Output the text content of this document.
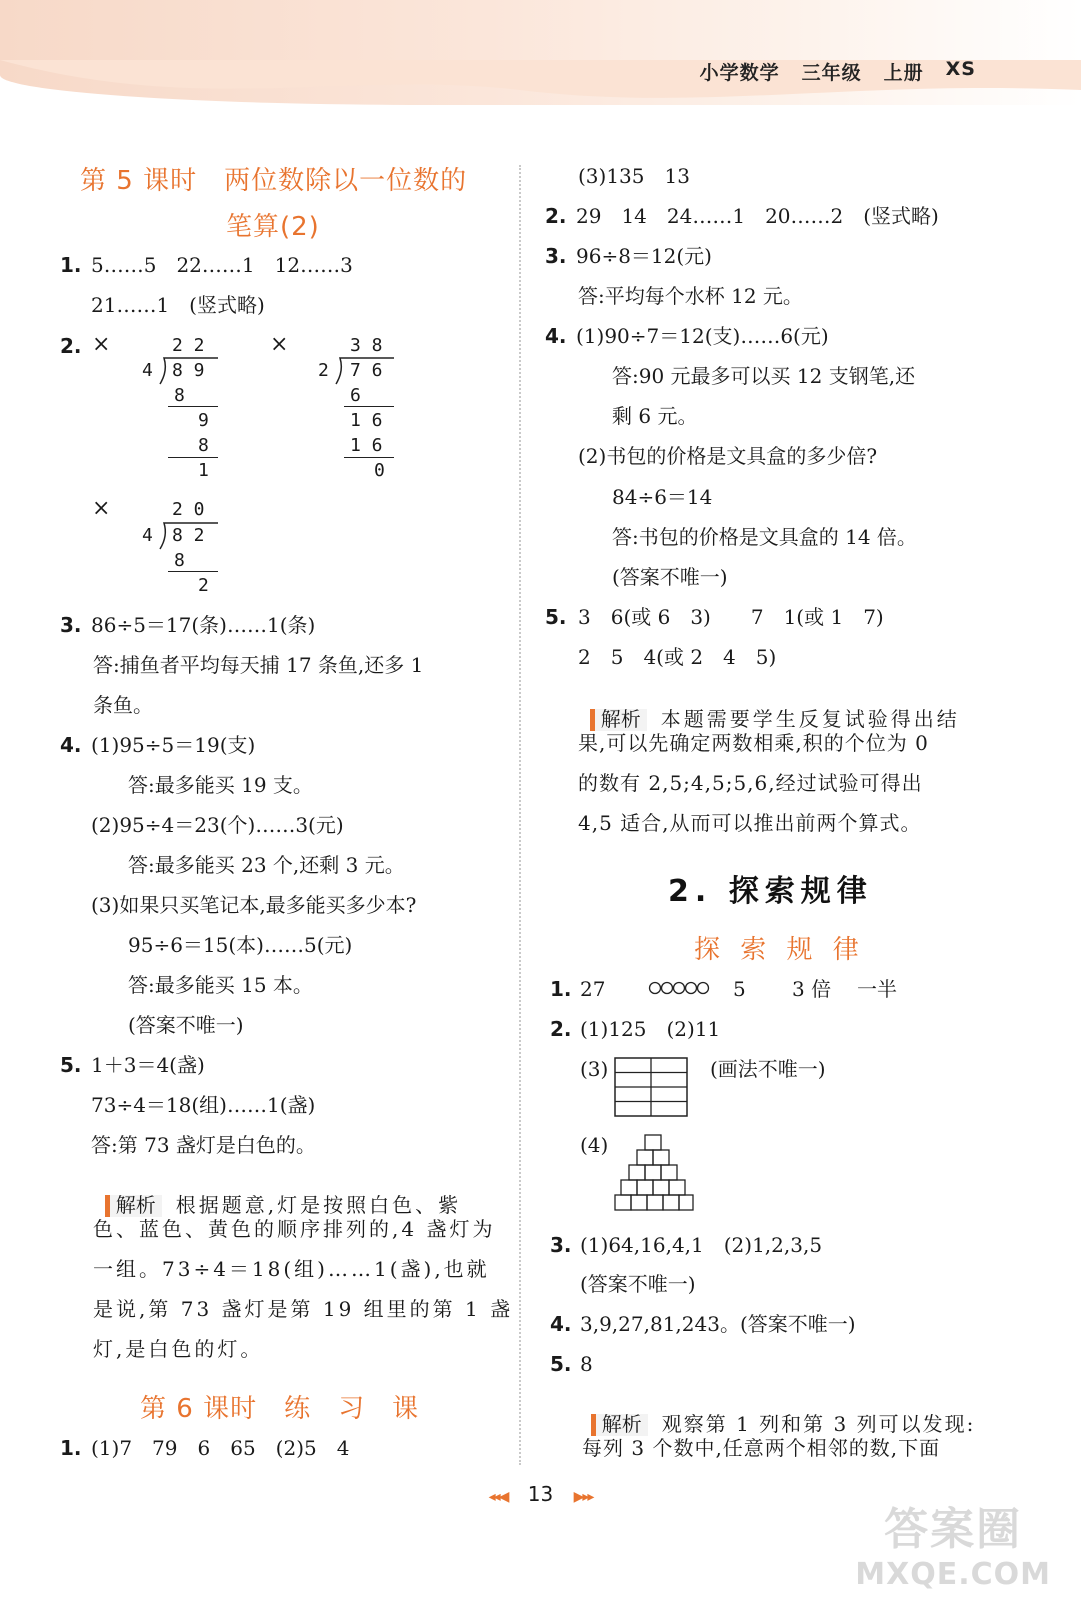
小学数学 三年级 上册 XS
第 5 课时　两位数除以一位数的
笔算(2)
1. 5……5　22……1　12……3
21……1　(竖式略)
2. ×	×
×
2 2
4 8 9
8
9
8
1
3 8
2 7 6
6
1 6
1 6
0
2 0
4 8 2
8
2
3. 86÷5＝17(条)……1(条)
答:捕鱼者平均每天捕 17 条鱼,还多 1
条鱼。
4. (1)95÷5＝19(支)
答:最多能买 19 支。
(2)95÷4＝23(个)……3(元)
答:最多能买 23 个,还剩 3 元。
(3)如果只买笔记本,最多能买多少本?
95÷6＝15(本)……5(元)
答:最多能买 15 本。
(答案不唯一)
5. 1＋3＝4(盏)
73÷4＝18(组)……1(盏)
答:第 73 盏灯是白色的。

解析 根据题意,灯是按照白色、紫

色、蓝色、黄色的顺序排列的,4 盏灯为
一组。73÷4＝18(组)……1(盏),也就
是说,第 73 盏灯是第 19 组里的第 1 盏
灯,是白色的灯。
第 6 课时　练　习　课
1. (1)7　79　6　65　(2)5　4
(3)135　13
2. 29　14　24……1　20……2　(竖式略)
3. 96÷8＝12(元)
答:平均每个水杯 12 元。
4. (1)90÷7＝12(支)……6(元)
答:90 元最多可以买 12 支钢笔,还
剩 6 元。
(2)书包的价格是文具盒的多少倍?
84÷6＝14
答:书包的价格是文具盒的 14 倍。
(答案不唯一)
5. 3　6(或 6　3)　　7　1(或 1　7)
2　5　4(或 2　4　5)

解析 本题需要学生反复试验得出结

果,可以先确定两数相乘,积的个位为 0
的数有 2,5;4,5;5,6,经过试验可得出
4,5 适合,从而可以推出前两个算式。
2. 探索规律
探 索 规 律
1. 27	5 3 倍 一半
2. (1)125　(2)11
(3)	(画法不唯一)
(4)
3. (1)64,16,4,1　(2)1,2,3,5
(答案不唯一)
4. 3,9,27,81,243。(答案不唯一)
5. 8

解析 观察第 1 列和第 3 列可以发现:

每列 3 个数中,任意两个相邻的数,下面
◂◂◀ 13 ▶▸▸
答案圈
MXQE.COM
